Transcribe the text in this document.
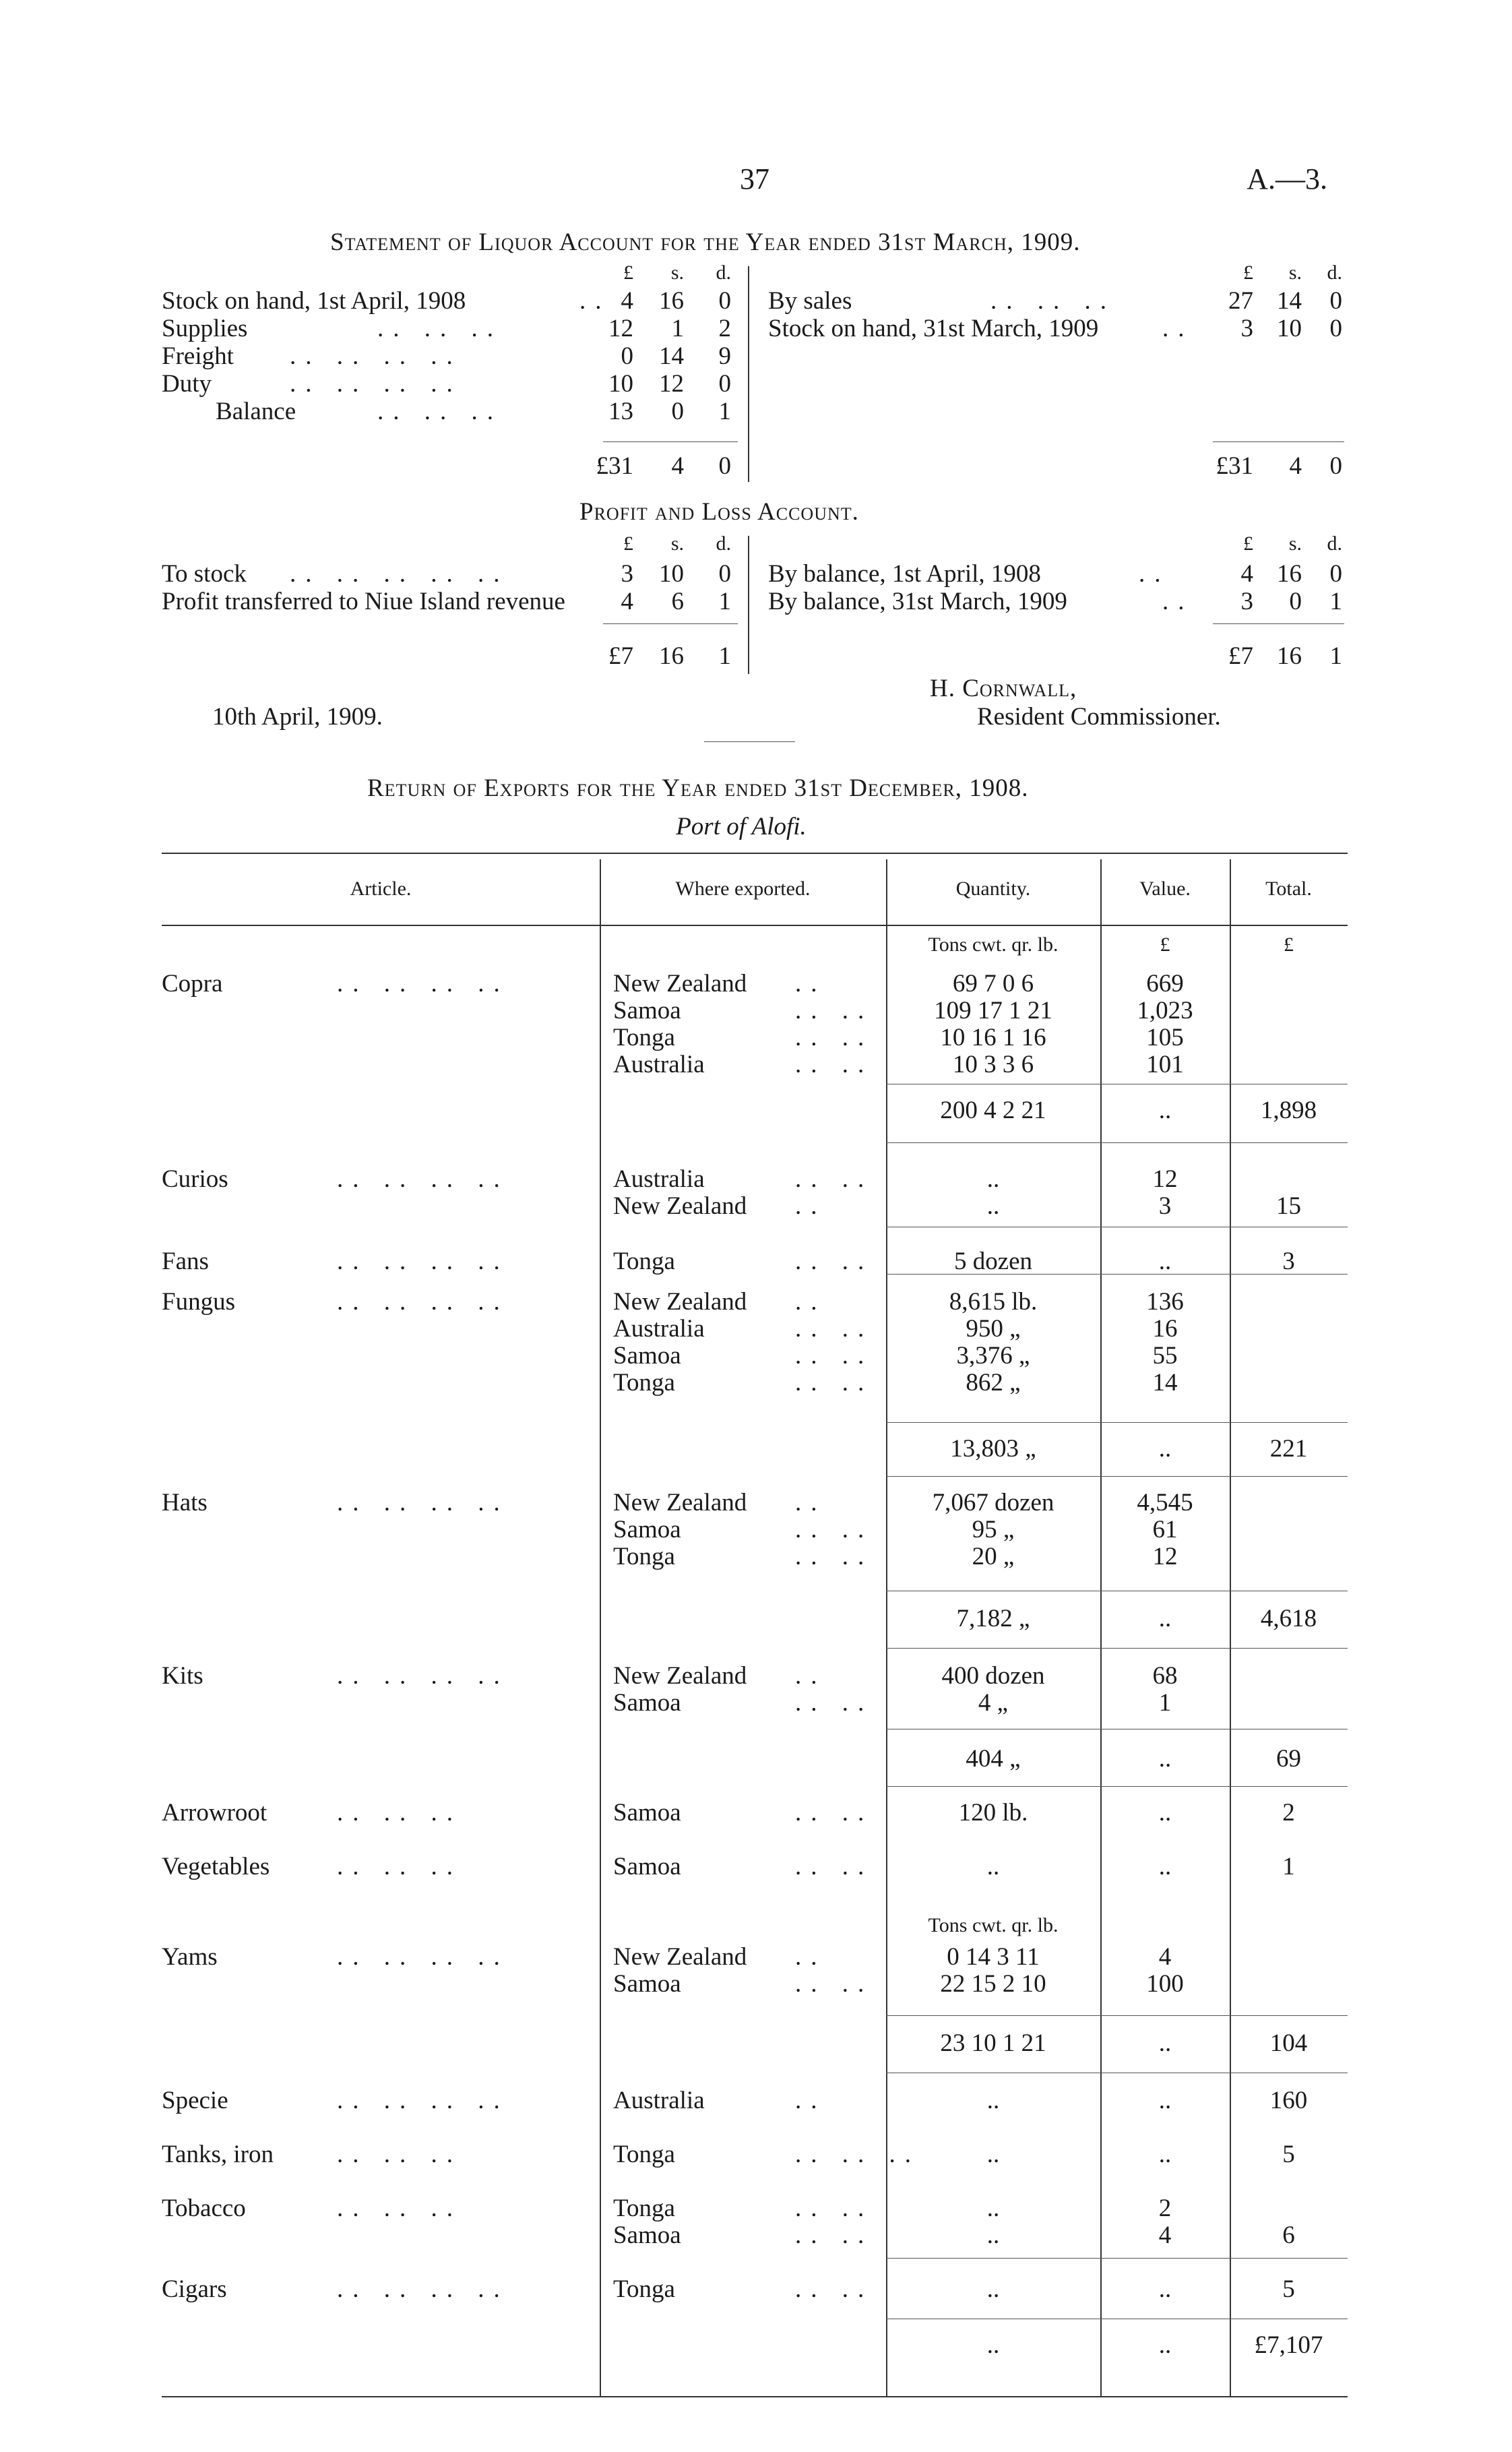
37	A.—3.
Statement of Liquor Account for the Year ended 31st March, 1909.
£	s.	d.	£	s.	d.
Stock on hand, 1st April, 1908	.. 4	16	0
Supplies	.. .. ..	12	1	2
Freight .. .. .. ..	0	14	9
Duty	.. .. .. ..	10	12	0
Balance	.. .. ..	13	0	1
By sales	.. .. ..	27 14	0
Stock on hand, 31st March, 1909	..	3 10	0
£31	4	0	£31	4	0
Profit and Loss Account.
£	s.	d.	£	s.	d.
To stock .. .. .. .. ..	3	10	0
Profit transferred to Niue Island revenue	4	6	1
By balance, 1st April, 1908	..	4 16	0
By balance, 31st March, 1909	..	3	0	1
£7	16	1	£7 16	1
H. Cornwall,
10th April, 1909.	Resident Commissioner.
Return of Exports for the Year ended 31st December, 1908.
Port of Alofi.
Article.	Where exported.	Quantity.	Value.	Total.
Tons cwt. qr. lb.	£	£
Tons cwt. qr. lb.
Copra	.. .. .. ..	New Zealand ..	69 7 0 6	669
Samoa	.. ..	109 17 1 21	1,023
Tonga	.. ..	10 16 1 16	105
Australia	.. ..	10 3 3 6	101
200 4 2 21	..	1,898
Curios	.. .. .. ..	Australia	.. ..	..	12
New Zealand ..	..	3	15
Fans	.. .. .. ..	Tonga	.. ..	5 dozen	..	3
Fungus	.. .. .. ..	New Zealand ..	8,615 lb.	136
Australia	.. ..	950 „	16
Samoa	.. ..	3,376 „	55
Tonga	.. ..	862 „	14
13,803 „	..	221
Hats	.. .. .. ..	New Zealand ..	7,067 dozen	4,545
Samoa	.. ..	95 „	61
Tonga	.. ..	20 „	12
7,182 „	..	4,618
Kits	.. .. .. ..	New Zealand ..	400 dozen	68
Samoa	.. ..	4 „	1
404 „	..	69
Arrowroot	.. .. ..	Samoa	.. ..	120 lb.	..	2
Vegetables	.. .. ..	Samoa	.. ..	..	..	1
Yams	.. .. .. ..	New Zealand ..	0 14 3 11	4
Samoa	.. ..	22 15 2 10	100
23 10 1 21	..	104
Specie	.. .. .. ..	Australia	..	..	..	160
Tanks, iron	.. .. ..	Tonga	.. .. ..	..	..	5
Tobacco	.. .. ..	Tonga	.. ..	..	2
Samoa	.. ..	..	4	6
Cigars	.. .. .. ..	Tonga	.. ..	..	..	5
..	..	£7,107
